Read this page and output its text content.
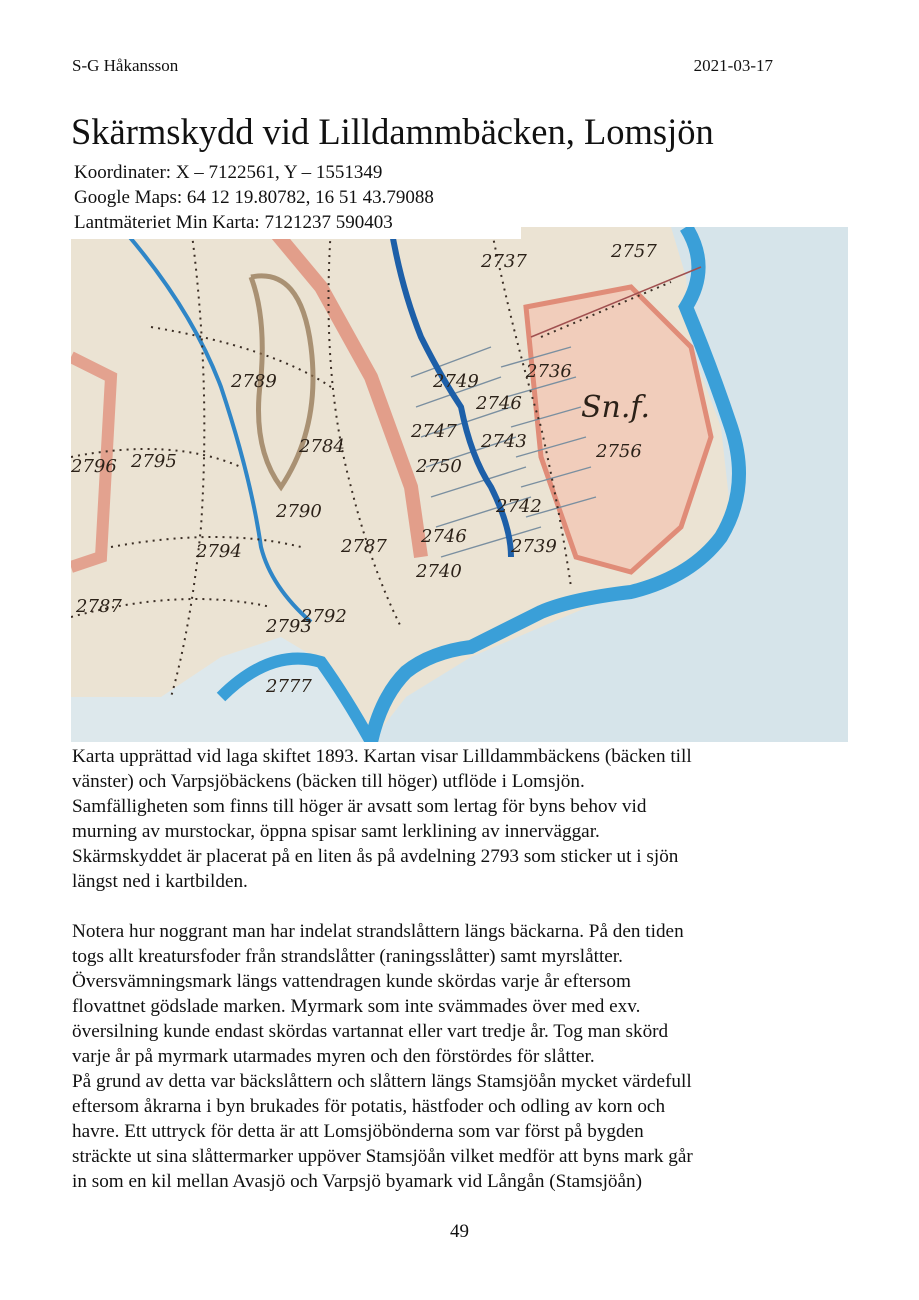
S-G Håkansson	2021-03-17
Skärmskydd vid Lilldammbäcken, Lomsjön
2757
2737
2736
2789	2749
2746
2784
2747 2743
2750
2756
2795
2796
2790	2742
2739
2794	2787 2746
2740
2787
2793
2792
2777
Sn.f.
Koordinater: X – 7122561, Y – 1551349
Google Maps: 64 12 19.80782, 16 51 43.79088
Lantmäteriet Min Karta: 7121237 590403

Karta upprättad vid laga skiftet 1893. Kartan visar Lilldammbäckens (bäcken till

vänster) och Varpsjöbäckens (bäcken till höger) utflöde i Lomsjön.

Samfälligheten som finns till höger är avsatt som lertag för byns behov vid

murning av murstockar, öppna spisar samt lerklining av innerväggar.

Skärmskyddet är placerat på en liten ås på avdelning 2793 som sticker ut i sjön

längst ned i kartbilden.

Notera hur noggrant man har indelat strandslåttern längs bäckarna. På den tiden

togs allt kreatursfoder från strandslåtter (raningsslåtter) samt myrslåtter.

Översvämningsmark längs vattendragen kunde skördas varje år eftersom

flovattnet gödslade marken. Myrmark som inte svämmades över med exv.

översilning kunde endast skördas vartannat eller vart tredje år. Tog man skörd

varje år på myrmark utarmades myren och den förstördes för slåtter.

På grund av detta var bäckslåttern och slåttern längs Stamsjöån mycket värdefull

eftersom åkrarna i byn brukades för potatis, hästfoder och odling av korn och

havre. Ett uttryck för detta är att Lomsjöbönderna som var först på bygden

sträckte ut sina slåttermarker uppöver Stamsjöån vilket medför att byns mark går

in som en kil mellan Avasjö och Varpsjö byamark vid Långån (Stamsjöån)

49
